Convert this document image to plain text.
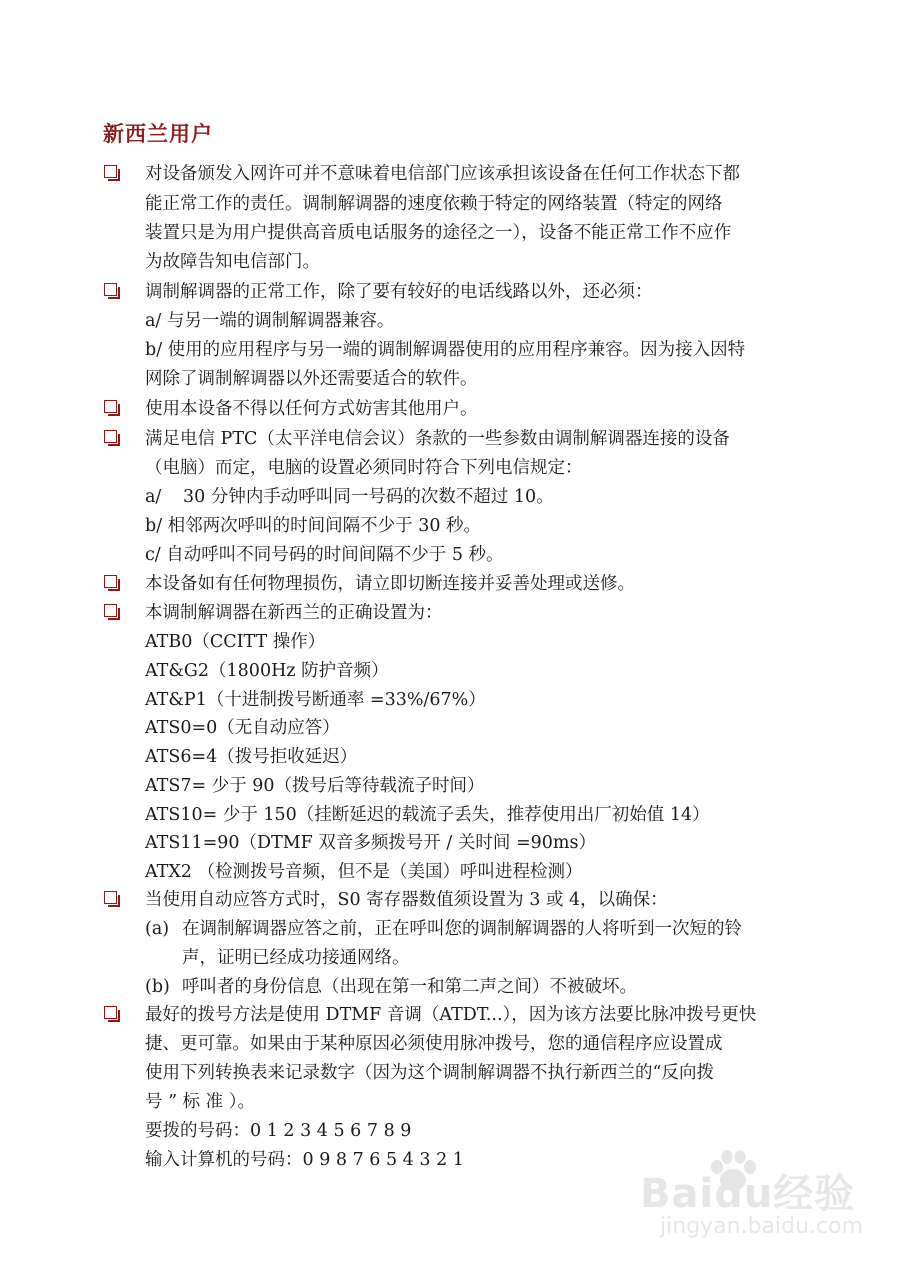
新西兰用户
对设备颁发入网许可并不意味着电信部门应该承担该设备在任何工作状态下都
能正常工作的责任。调制解调器的速度依赖于特定的网络装置（特定的网络
装置只是为用户提供高音质电话服务的途径之一），设备不能正常工作不应作
为故障告知电信部门。
调制解调器的正常工作，除了要有较好的电话线路以外，还必须：
a/ 与另一端的调制解调器兼容。
b/ 使用的应用程序与另一端的调制解调器使用的应用程序兼容。因为接入因特
网除了调制解调器以外还需要适合的软件。
使用本设备不得以任何方式妨害其他用户。
满足电信 PTC（太平洋电信会议）条款的一些参数由调制解调器连接的设备
（电脑）而定，电脑的设置必须同时符合下列电信规定：
a/ 30 分钟内手动呼叫同一号码的次数不超过 10。
b/ 相邻两次呼叫的时间间隔不少于 30 秒。
c/ 自动呼叫不同号码的时间间隔不少于 5 秒。
本设备如有任何物理损伤，请立即切断连接并妥善处理或送修。
本调制解调器在新西兰的正确设置为：
ATB0（CCITT 操作）
AT&G2（1800Hz 防护音频）
AT&P1（十进制拨号断通率 =33%/67%）
ATS0=0（无自动应答）
ATS6=4（拨号拒收延迟）
ATS7= 少于 90（拨号后等待载流子时间）
ATS10= 少于 150（挂断延迟的载流子丢失，推荐使用出厂初始值 14）
ATS11=90（DTMF 双音多频拨号开 / 关时间 =90ms）
ATX2 （检测拨号音频，但不是（美国）呼叫进程检测）
当使用自动应答方式时，S0 寄存器数值须设置为 3 或 4，以确保：
(a) 在调制解调器应答之前，正在呼叫您的调制解调器的人将听到一次短的铃
声，证明已经成功接通网络。
(b) 呼叫者的身份信息（出现在第一和第二声之间）不被破坏。
最好的拨号方法是使用 DTMF 音调（ATDT...），因为该方法要比脉冲拨号更快
捷、更可靠。如果由于某种原因必须使用脉冲拨号，您的通信程序应设置成
使用下列转换表来记录数字（因为这个调制解调器不执行新西兰的“反向拨
号 ” 标 准 ）。
要拨的号码：0 1 2 3 4 5 6 7 8 9
输入计算机的号码：0 9 8 7 6 5 4 3 2 1
Baidu经验
jingyan.baidu.com
